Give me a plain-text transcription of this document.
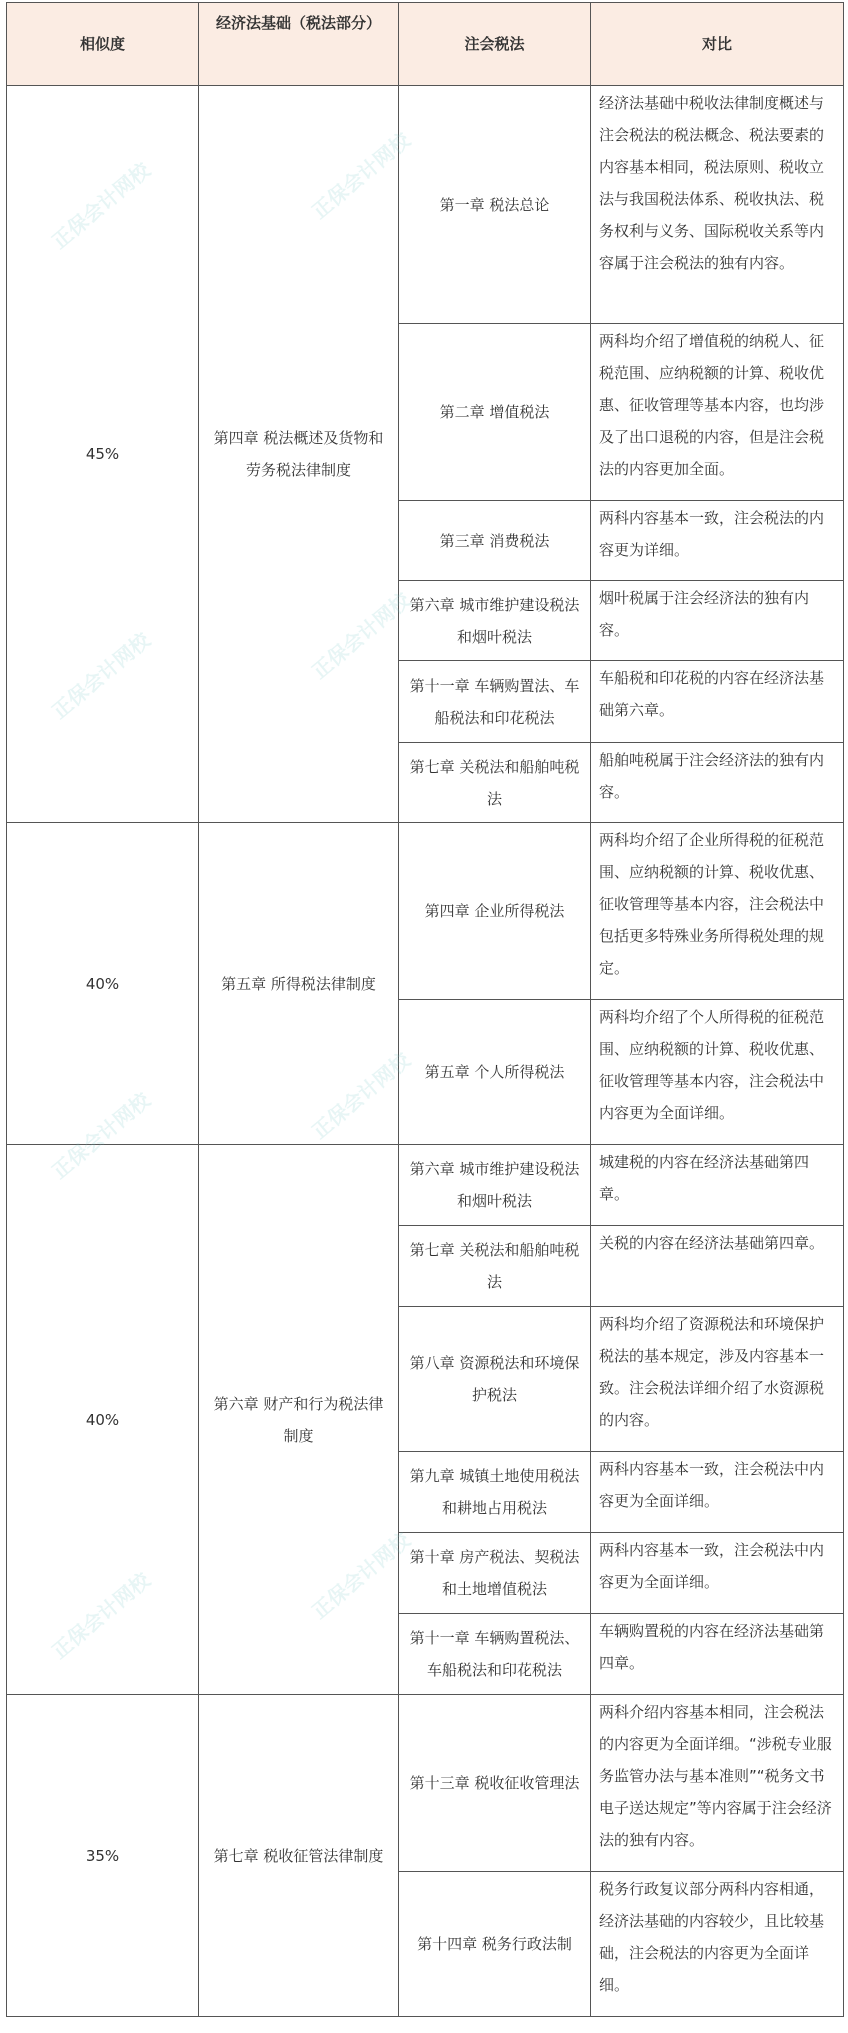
相似度	经济法基础（税法部分）	注会税法	对比
45%	第四章 税法概述及货物和劳务税法律制度	第一章 税法总论	经济法基础中税收法律制度概述与注会税法的税法概念、税法要素的内容基本相同，税法原则、税收立法与我国税法体系、税收执法、税务权利与义务、国际税收关系等内容属于注会税法的独有内容。
		第二章 增值税法	两科均介绍了增值税的纳税人、征税范围、应纳税额的计算、税收优惠、征收管理等基本内容，也均涉及了出口退税的内容，但是注会税法的内容更加全面。
		第三章 消费税法	两科内容基本一致，注会税法的内容更为详细。
		第六章 城市维护建设税法和烟叶税法	烟叶税属于注会经济法的独有内容。
		第十一章 车辆购置法、车船税法和印花税法	车船税和印花税的内容在经济法基础第六章。
		第七章 关税法和船舶吨税法	船舶吨税属于注会经济法的独有内容。
40%	第五章 所得税法律制度	第四章 企业所得税法	两科均介绍了企业所得税的征税范围、应纳税额的计算、税收优惠、征收管理等基本内容，注会税法中包括更多特殊业务所得税处理的规定。
		第五章 个人所得税法	两科均介绍了个人所得税的征税范围、应纳税额的计算、税收优惠、征收管理等基本内容，注会税法中内容更为全面详细。
40%	第六章 财产和行为税法律制度	第六章 城市维护建设税法和烟叶税法	城建税的内容在经济法基础第四章。
		第七章 关税法和船舶吨税法	关税的内容在经济法基础第四章。
		第八章 资源税法和环境保护税法	两科均介绍了资源税法和环境保护税法的基本规定，涉及内容基本一致。注会税法详细介绍了水资源税的内容。
		第九章 城镇土地使用税法和耕地占用税法	两科内容基本一致，注会税法中内容更为全面详细。
		第十章 房产税法、契税法和土地增值税法	两科内容基本一致，注会税法中内容更为全面详细。
		第十一章 车辆购置税法、车船税法和印花税法	车辆购置税的内容在经济法基础第四章。
35%	第七章 税收征管法律制度	第十三章 税收征收管理法	两科介绍内容基本相同，注会税法的内容更为全面详细。“涉税专业服务监管办法与基本准则”“税务文书电子送达规定”等内容属于注会经济法的独有内容。
		第十四章 税务行政法制	税务行政复议部分两科内容相通，经济法基础的内容较少，且比较基础，注会税法的内容更为全面详细。
正保会计网校	正保会计网校
正保会计网校	正保会计网校
正保会计网校	正保会计网校
正保会计网校	正保会计网校
